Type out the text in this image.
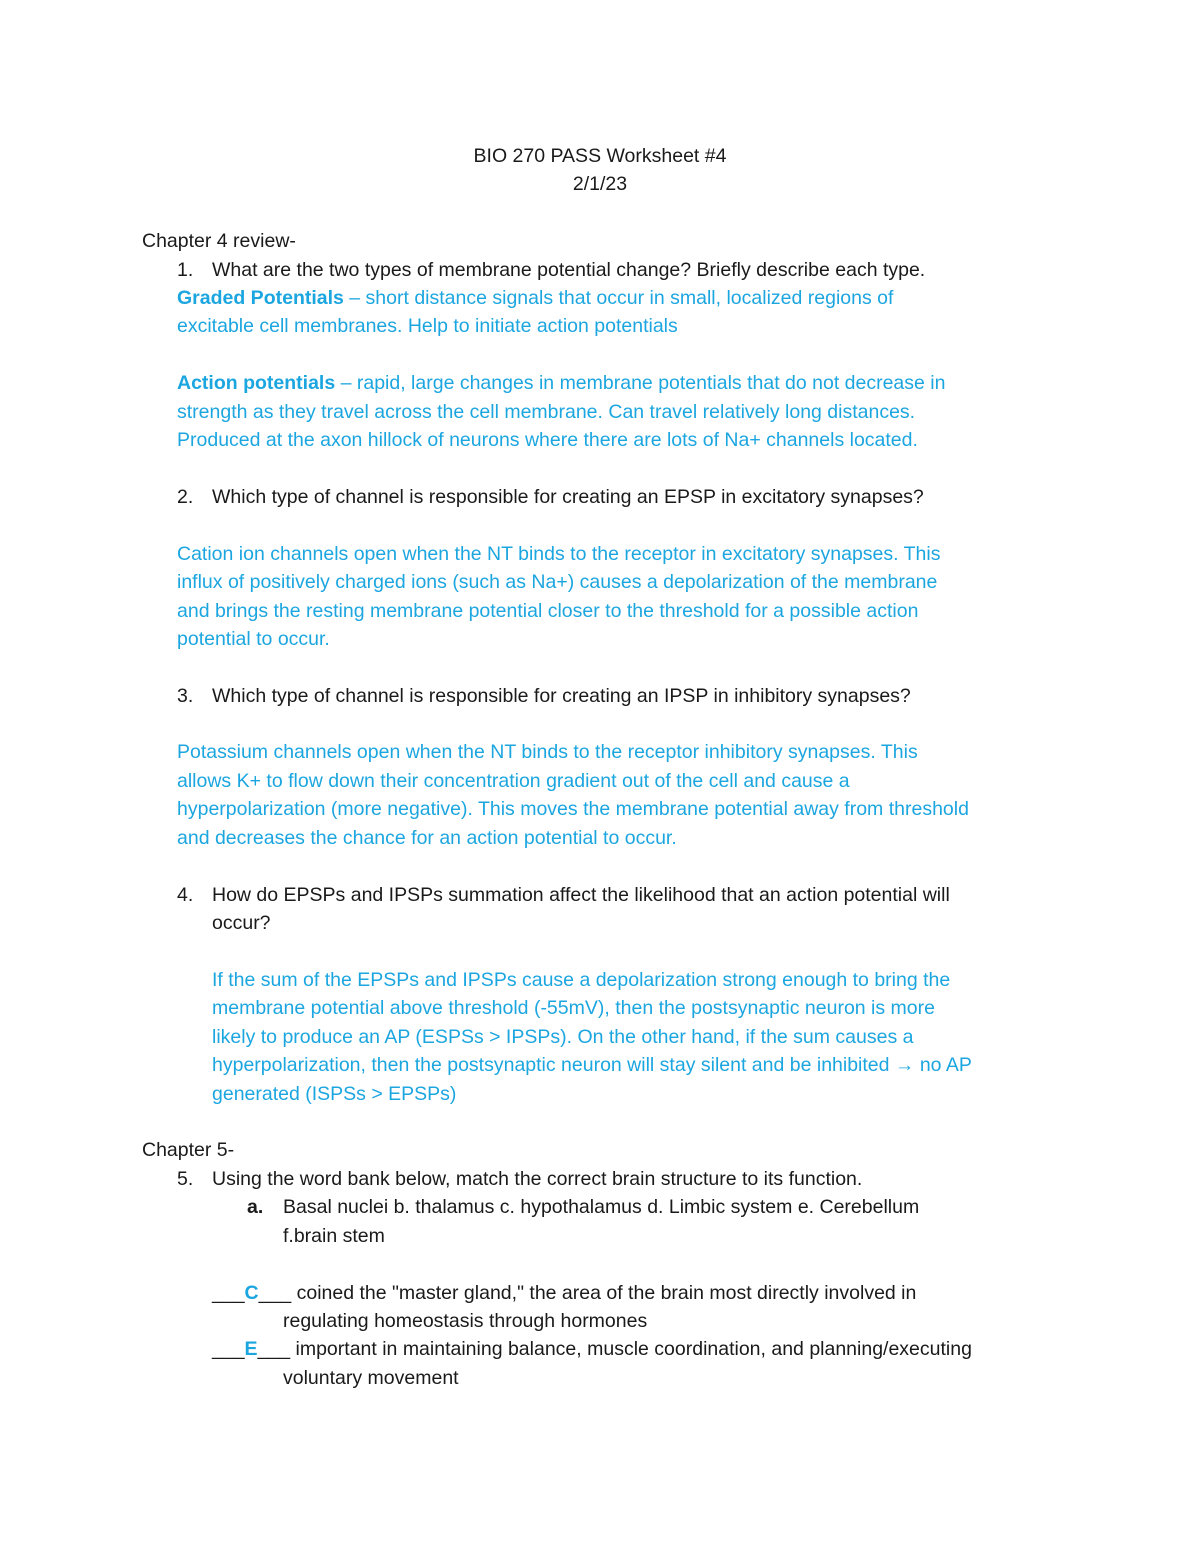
BIO 270 PASS Worksheet #4
2/1/23
Chapter 4 review-
1. What are the two types of membrane potential change? Briefly describe each type.
Graded Potentials – short distance signals that occur in small, localized regions of
excitable cell membranes. Help to initiate action potentials
Action potentials – rapid, large changes in membrane potentials that do not decrease in
strength as they travel across the cell membrane. Can travel relatively long distances.
Produced at the axon hillock of neurons where there are lots of Na+ channels located.
2. Which type of channel is responsible for creating an EPSP in excitatory synapses?
Cation ion channels open when the NT binds to the receptor in excitatory synapses. This
influx of positively charged ions (such as Na+) causes a depolarization of the membrane
and brings the resting membrane potential closer to the threshold for a possible action
potential to occur.
3. Which type of channel is responsible for creating an IPSP in inhibitory synapses?
Potassium channels open when the NT binds to the receptor inhibitory synapses. This
allows K+ to flow down their concentration gradient out of the cell and cause a
hyperpolarization (more negative). This moves the membrane potential away from threshold
and decreases the chance for an action potential to occur.
4. How do EPSPs and IPSPs summation affect the likelihood that an action potential will
occur?
If the sum of the EPSPs and IPSPs cause a depolarization strong enough to bring the
membrane potential above threshold (-55mV), then the postsynaptic neuron is more
likely to produce an AP (ESPSs > IPSPs). On the other hand, if the sum causes a
hyperpolarization, then the postsynaptic neuron will stay silent and be inhibited → no AP
generated (ISPSs > EPSPs)
Chapter 5-
5. Using the word bank below, match the correct brain structure to its function.
a. Basal nuclei b. thalamus c. hypothalamus d. Limbic system e. Cerebellum
f.brain stem
___C___ coined the "master gland," the area of the brain most directly involved in
regulating homeostasis through hormones
___E___ important in maintaining balance, muscle coordination, and planning/executing
voluntary movement
